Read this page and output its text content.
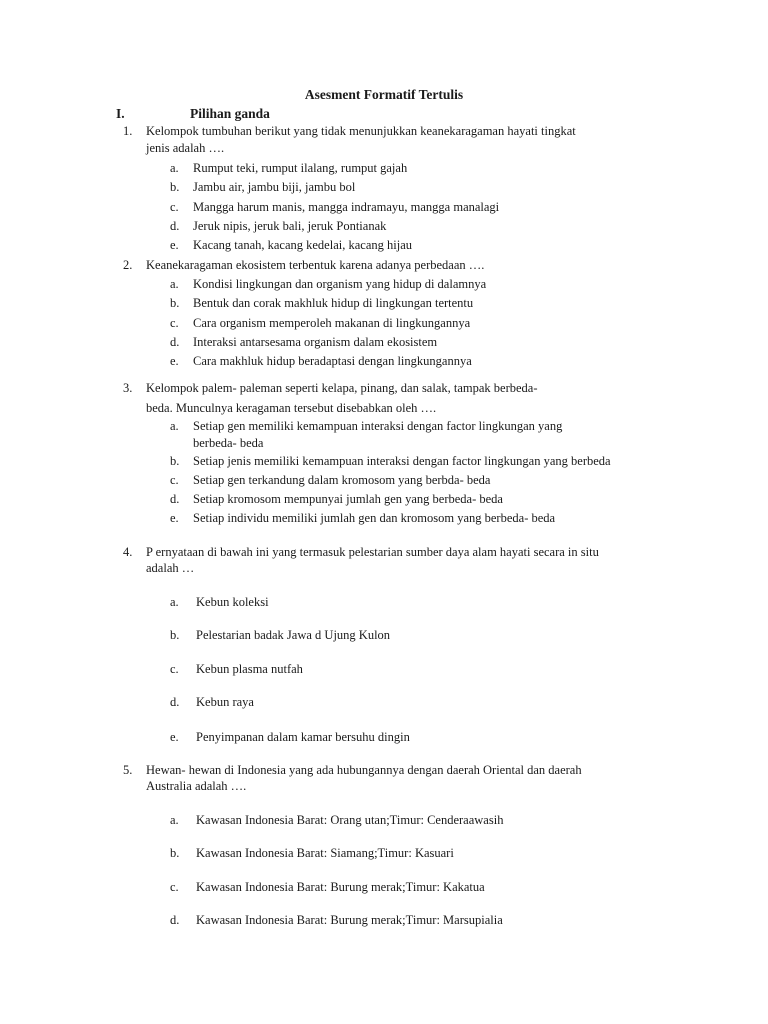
Asesment Formatif Tertulis
I.	Pilihan ganda
1. Kelompok tumbuhan berikut yang tidak menunjukkan keanekaragaman hayati tingkat
jenis adalah ….
a. Rumput teki, rumput ilalang, rumput gajah
b. Jambu air, jambu biji, jambu bol
c. Mangga harum manis, mangga indramayu, mangga manalagi
d. Jeruk nipis, jeruk bali, jeruk Pontianak
e. Kacang tanah, kacang kedelai, kacang hijau
2. Keanekaragaman ekosistem terbentuk karena adanya perbedaan ….
a. Kondisi lingkungan dan organism yang hidup di dalamnya
b. Bentuk dan corak makhluk hidup di lingkungan tertentu
c. Cara organism memperoleh makanan di lingkungannya
d. Interaksi antarsesama organism dalam ekosistem
e. Cara makhluk hidup beradaptasi dengan lingkungannya
3. Kelompok palem- paleman seperti kelapa, pinang, dan salak, tampak berbeda-
beda. Munculnya keragaman tersebut disebabkan oleh ….
a. Setiap gen memiliki kemampuan interaksi dengan factor lingkungan yang
berbeda- beda
b. Setiap jenis memiliki kemampuan interaksi dengan factor lingkungan yang berbeda
c. Setiap gen terkandung dalam kromosom yang berbda- beda
d. Setiap kromosom mempunyai jumlah gen yang berbeda- beda
e. Setiap individu memiliki jumlah gen dan kromosom yang berbeda- beda
4. P ernyataan di bawah ini yang termasuk pelestarian sumber daya alam hayati secara in situ
adalah …
a. Kebun koleksi
b. Pelestarian badak Jawa d Ujung Kulon
c. Kebun plasma nutfah
d. Kebun raya
e. Penyimpanan dalam kamar bersuhu dingin
5. Hewan- hewan di Indonesia yang ada hubungannya dengan daerah Oriental dan daerah
Australia adalah ….
a. Kawasan Indonesia Barat: Orang utan;Timur: Cenderaawasih
b. Kawasan Indonesia Barat: Siamang;Timur: Kasuari
c. Kawasan Indonesia Barat: Burung merak;Timur: Kakatua
d. Kawasan Indonesia Barat: Burung merak;Timur: Marsupialia
